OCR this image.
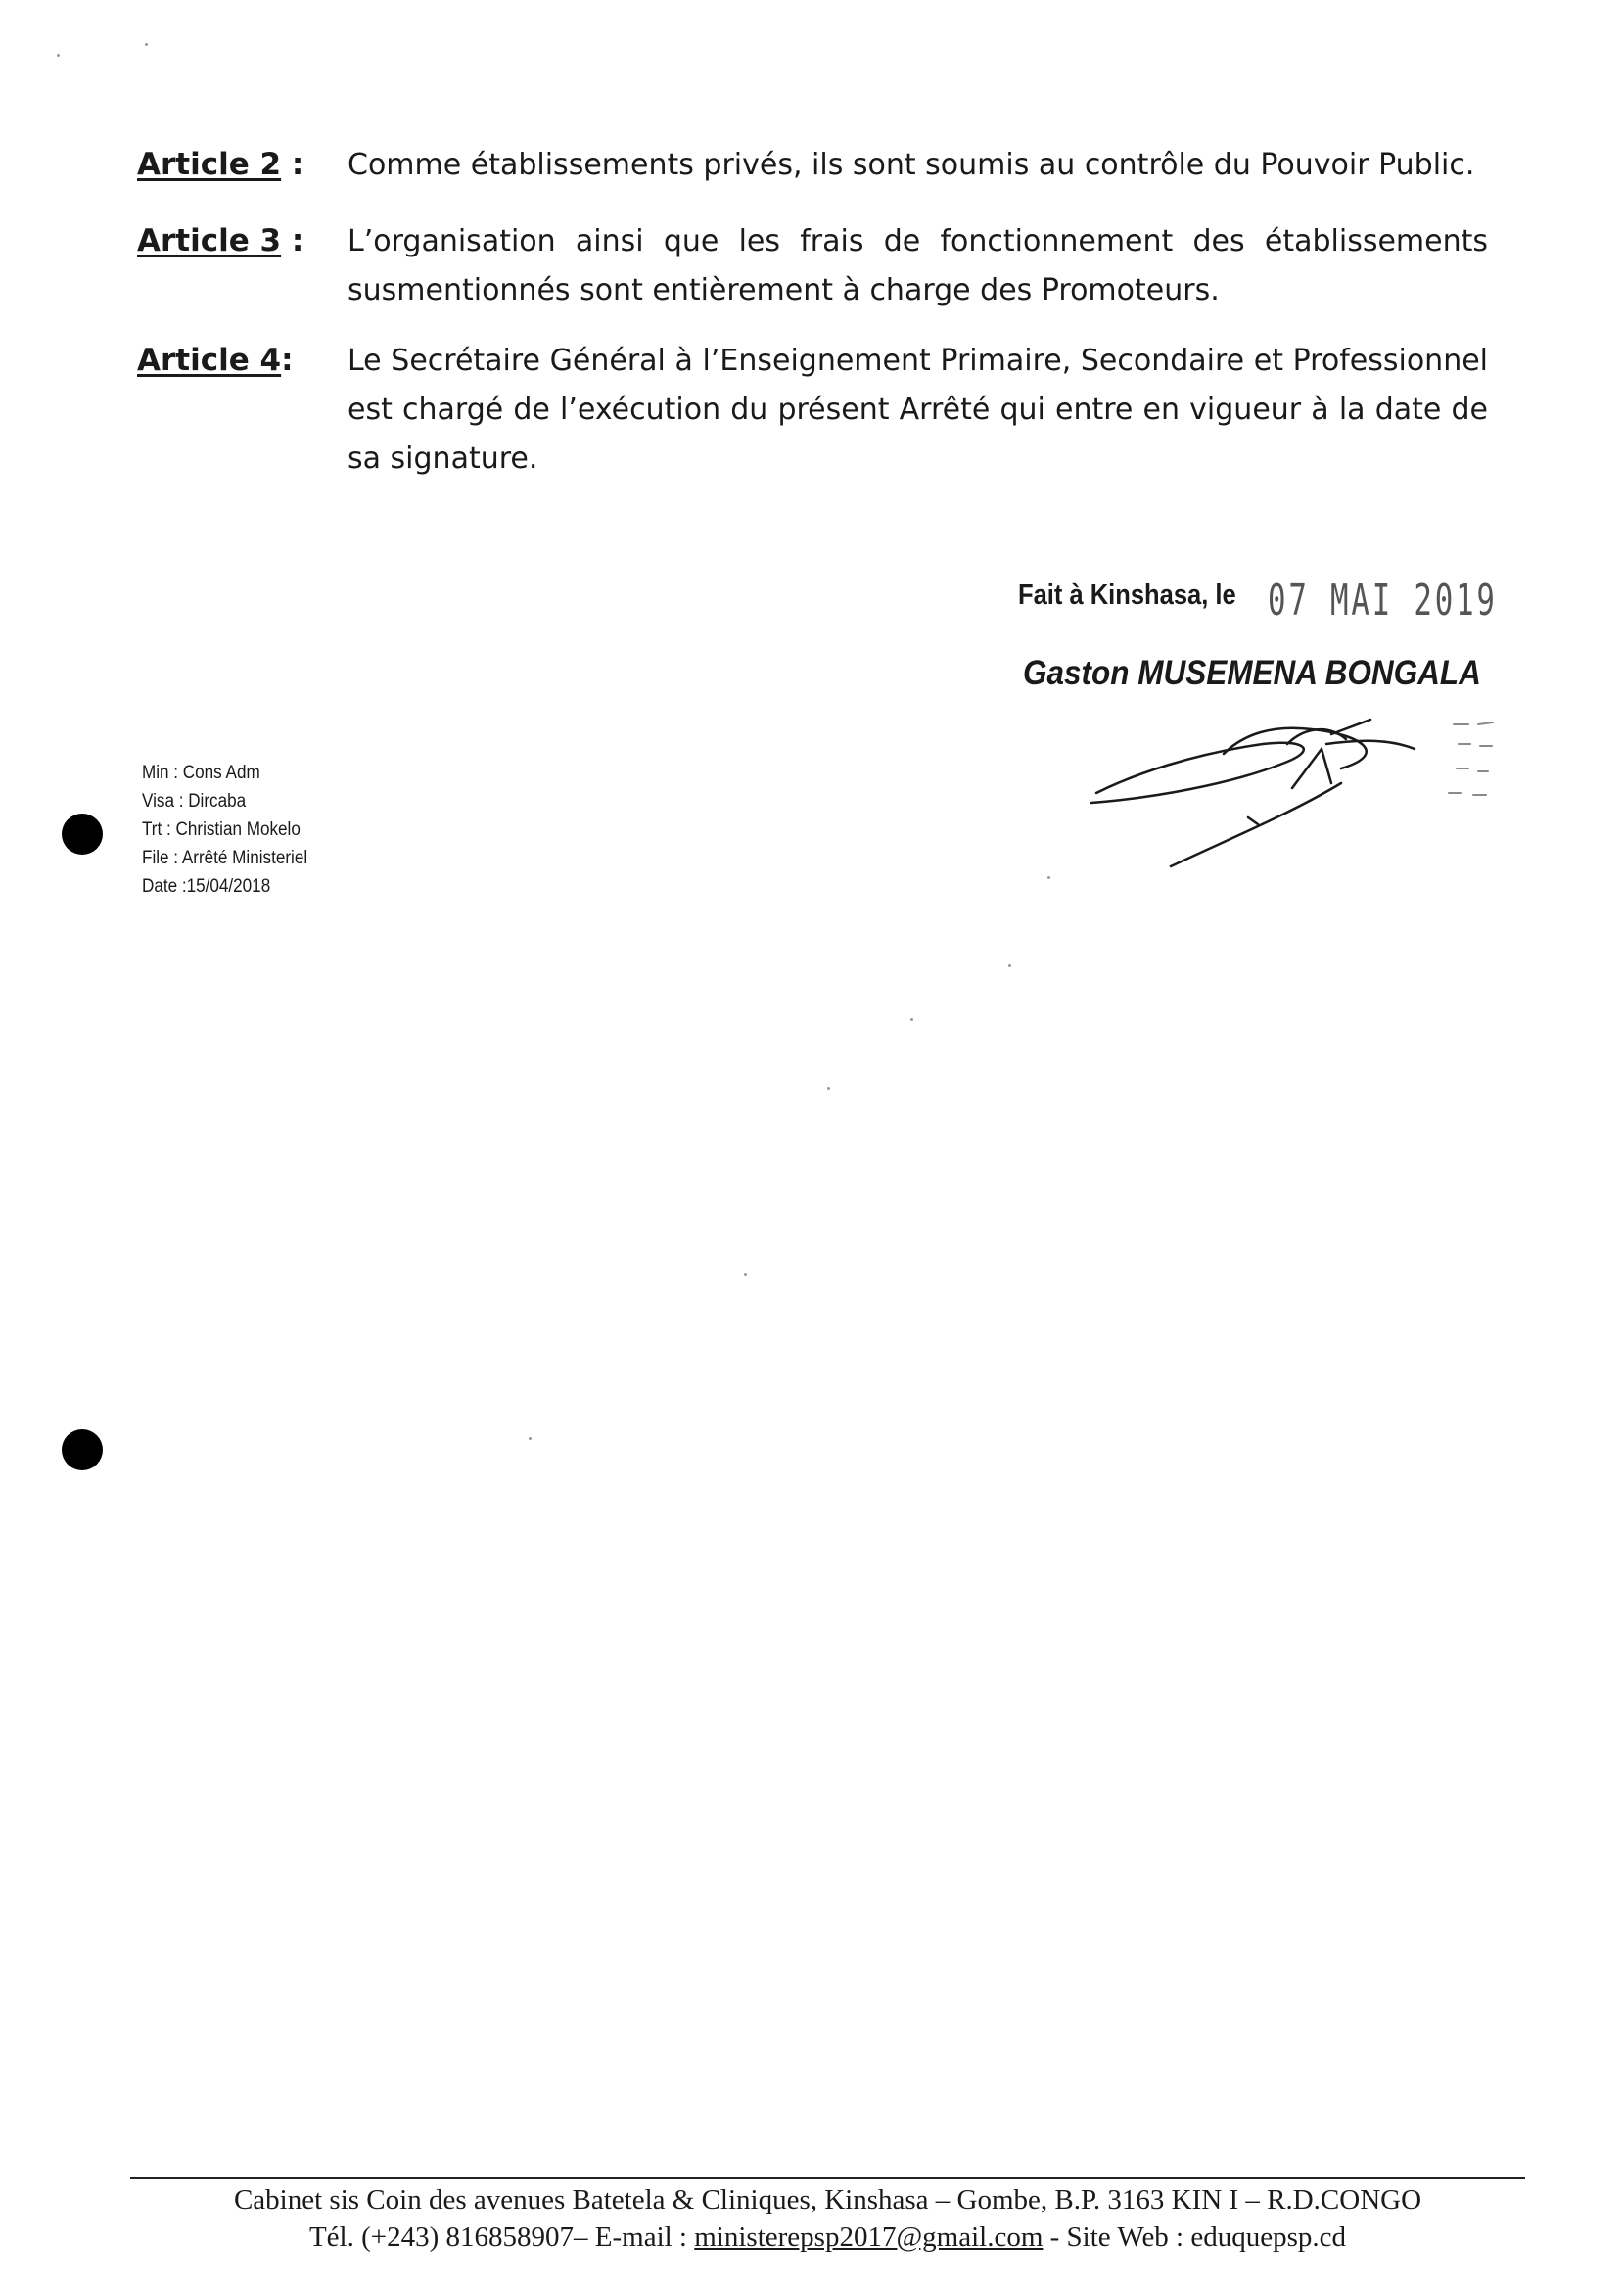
Article 2 :	Comme établissements privés, ils sont soumis au contrôle du Pouvoir Public.
Article 3 :	L’organisation ainsi que les frais de fonctionnement des établissements susmentionnés sont entièrement à charge des Promoteurs.
Article 4:	Le Secrétaire Général à l’Enseignement Primaire, Secondaire et Professionnel est chargé de l’exécution du présent Arrêté qui entre en vigueur à la date de sa signature.
Fait à Kinshasa, le 07 MAI 2019
Gaston MUSEMENA BONGALA
Min : Cons Adm
Visa : Dircaba
Trt : Christian Mokelo
File : Arrêté Ministeriel
Date :15/04/2018
Cabinet sis Coin des avenues Batetela & Cliniques, Kinshasa – Gombe, B.P. 3163 KIN I – R.D.CONGO
Tél. (+243) 816858907– E-mail : ministerepsp2017@gmail.com - Site Web : eduquepsp.cd
